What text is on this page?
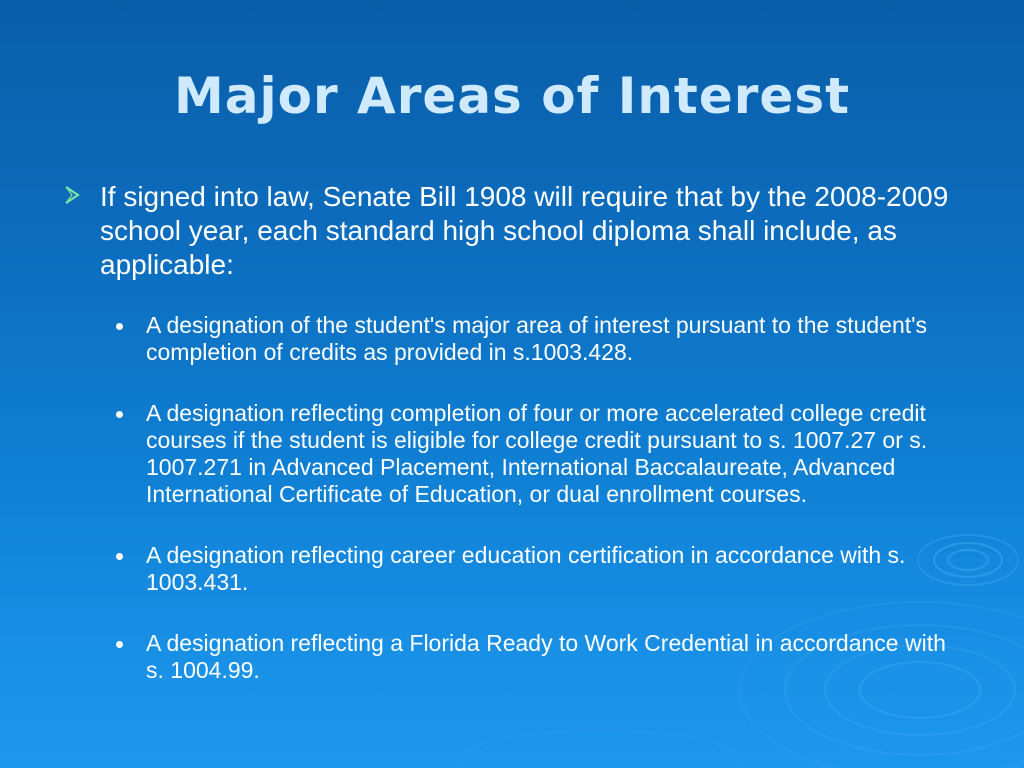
Major Areas of Interest
If signed into law, Senate Bill 1908 will require that by the 2008-2009 school year, each standard high school diploma shall include, as applicable:
A designation of the student's major area of interest pursuant to the student's completion of credits as provided in s.1003.428.
A designation reflecting completion of four or more accelerated college credit courses if the student is eligible for college credit pursuant to s. 1007.27 or s. 1007.271 in Advanced Placement, International Baccalaureate, Advanced International Certificate of Education, or dual enrollment courses.
A designation reflecting career education certification in accordance with s. 1003.431.
A designation reflecting a Florida Ready to Work Credential in accordance with s. 1004.99.
